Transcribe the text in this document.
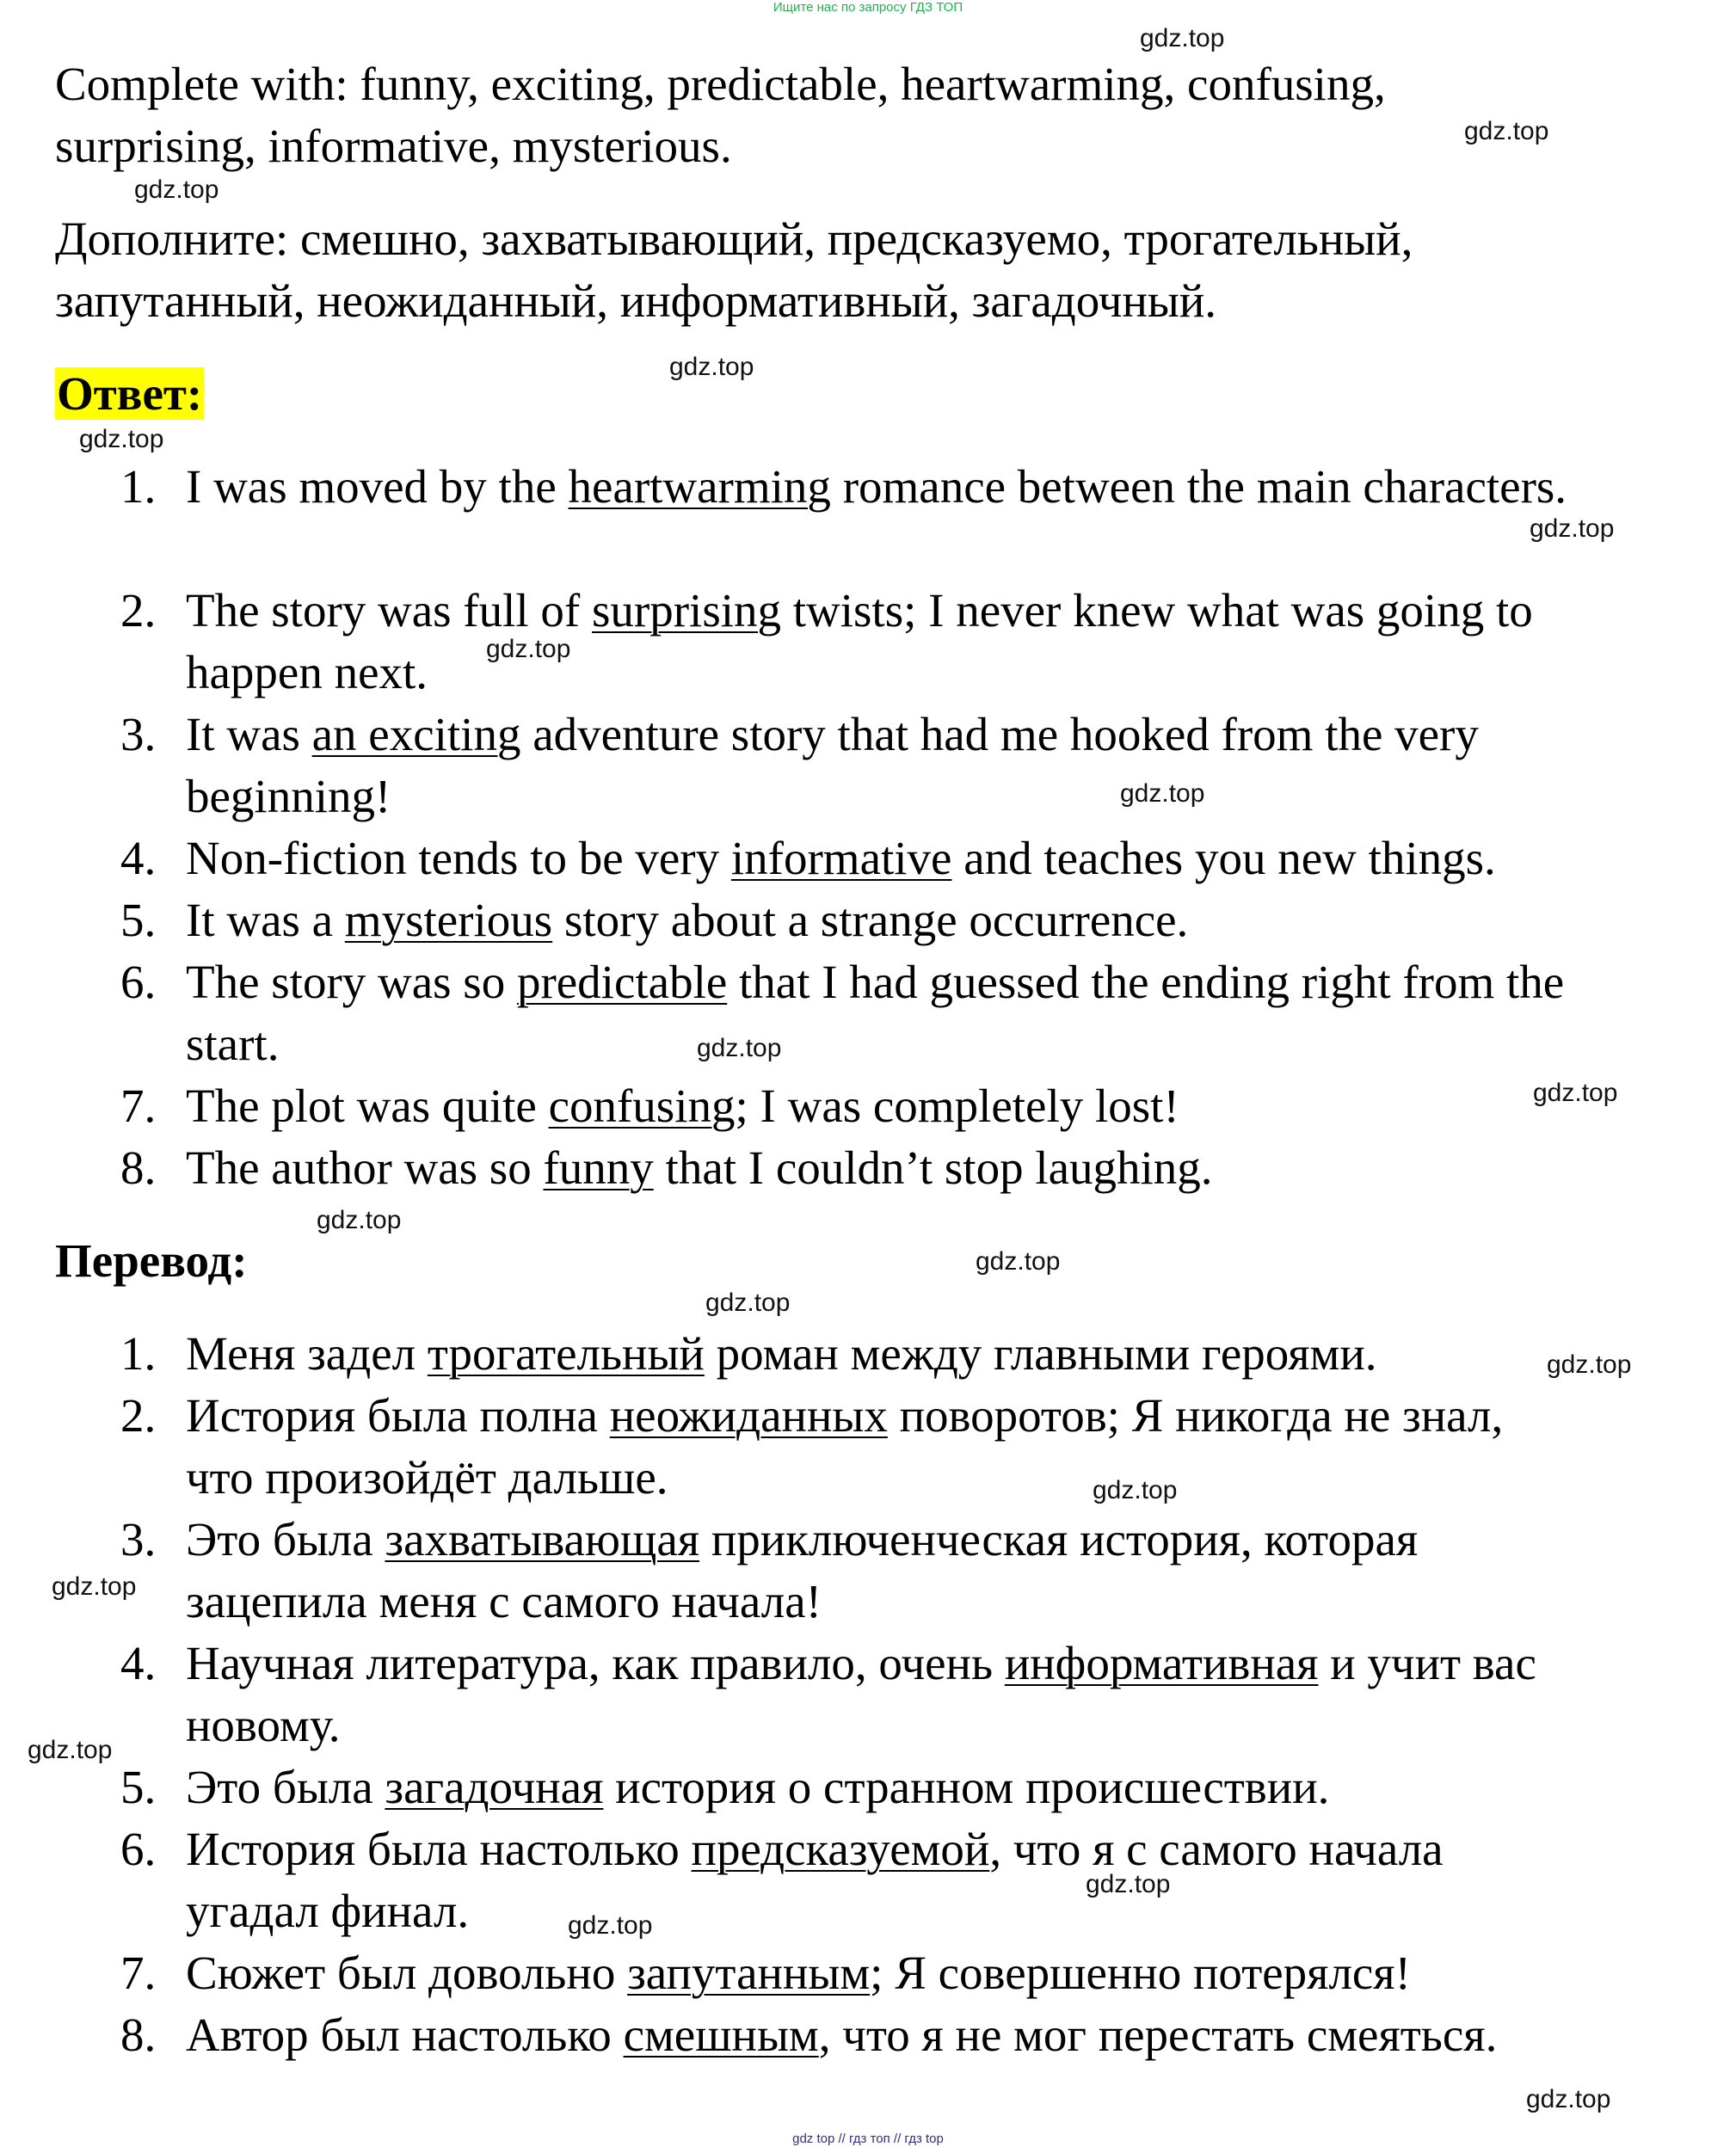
Ищите нас по запросу ГДЗ ТОП

Complete with: funny, exciting, predictable, heartwarming, confusing,
surprising, informative, mysterious.

Дополните: смешно, захватывающий, предсказуемо, трогательный,
запутанный, неожиданный, информативный, загадочный.

Ответ:
1. I was moved by the heartwarming romance between the main characters.
2. The story was full of surprising twists; I never knew what was going to happen next.
3. It was an exciting adventure story that had me hooked from the very beginning!
4. Non-fiction tends to be very informative and teaches you new things.
5. It was a mysterious story about a strange occurrence.
6. The story was so predictable that I had guessed the ending right from the start.
7. The plot was quite confusing; I was completely lost!
8. The author was so funny that I couldn’t stop laughing.
Перевод:
1. Меня задел трогательный роман между главными героями.
2. История была полна неожиданных поворотов; Я никогда не знал, что произойдёт дальше.
3. Это была захватывающая приключенческая история, которая зацепила меня с самого начала!
4. Научная литература, как правило, очень информативная и учит вас новому.
5. Это была загадочная история о странном происшествии.
6. История была настолько предсказуемой, что я с самого начала угадал финал.
7. Сюжет был довольно запутанным; Я совершенно потерялся!
8. Автор был настолько смешным, что я не мог перестать смеяться.
gdz.top
gdz.top
gdz.top
gdz.top
gdz.top
gdz.top
gdz.top
gdz.top
gdz.top
gdz.top
gdz.top
gdz.top
gdz.top
gdz.top
gdz.top
gdz.top
gdz.top
gdz.top
gdz.top
gdz.top
gdz top // гдз топ // гдз top
